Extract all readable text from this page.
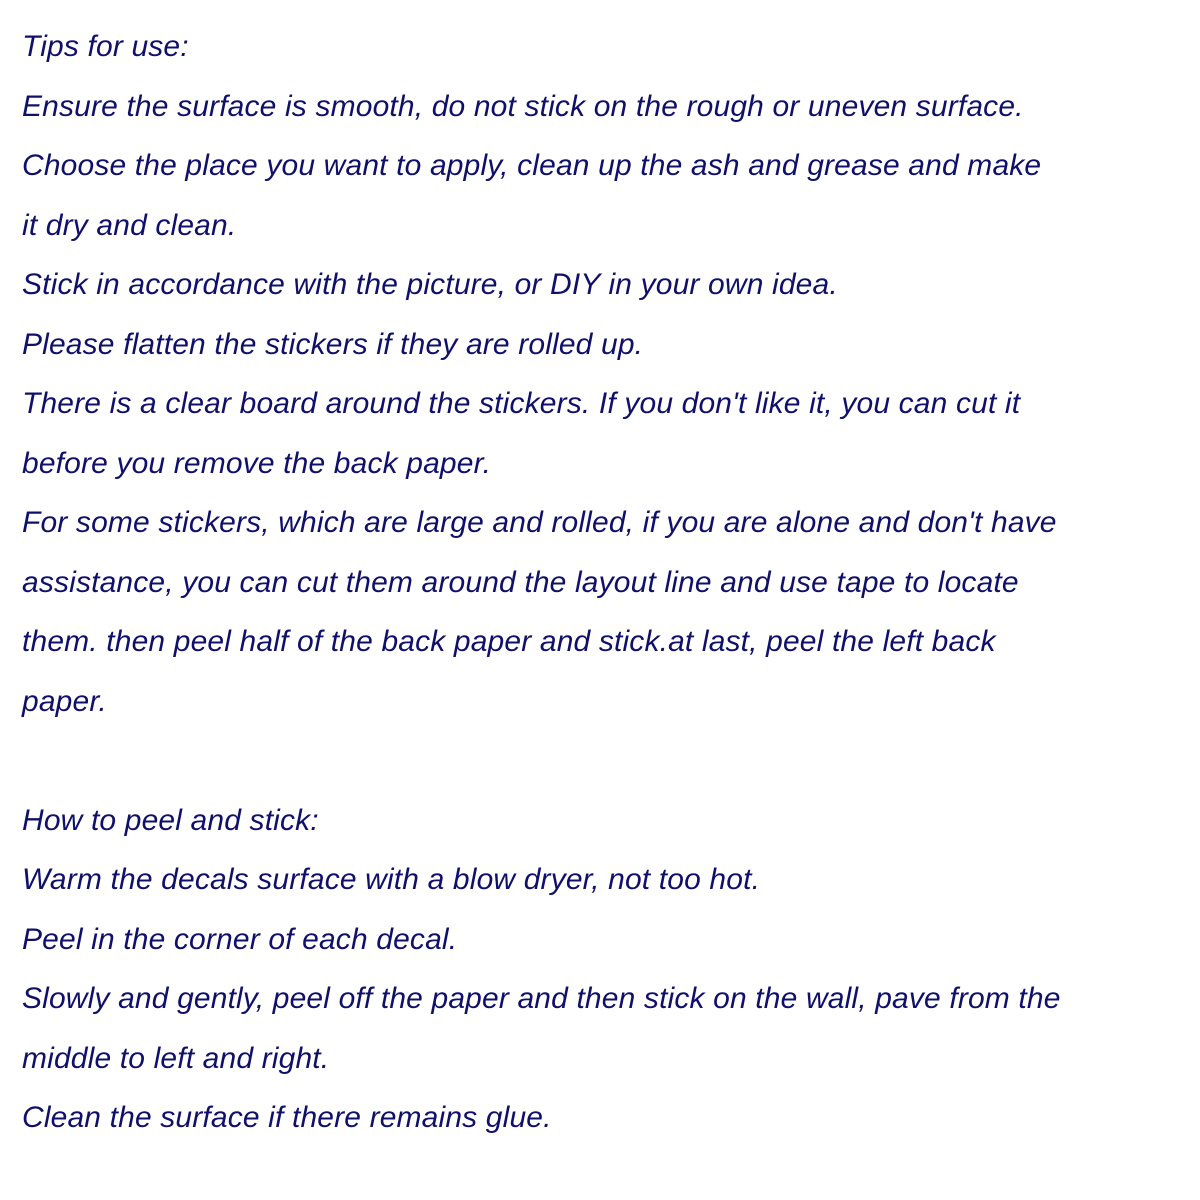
Tips for use:
Ensure the surface is smooth, do not stick on the rough or uneven surface.
Choose the place you want to apply, clean up the ash and grease and make
it dry and clean.
Stick in accordance with the picture, or DIY in your own idea.
Please flatten the stickers if they are rolled up.
There is a clear board around the stickers. If you don't like it, you can cut it
before you remove the back paper.
For some stickers, which are large and rolled, if you are alone and don't have
assistance, you can cut them around the layout line and use tape to locate
them. then peel half of the back paper and stick.at last, peel the left back
paper.
How to peel and stick:
Warm the decals surface with a blow dryer, not too hot.
Peel in the corner of each decal.
Slowly and gently, peel off the paper and then stick on the wall, pave from the
middle to left and right.
Clean the surface if there remains glue.
